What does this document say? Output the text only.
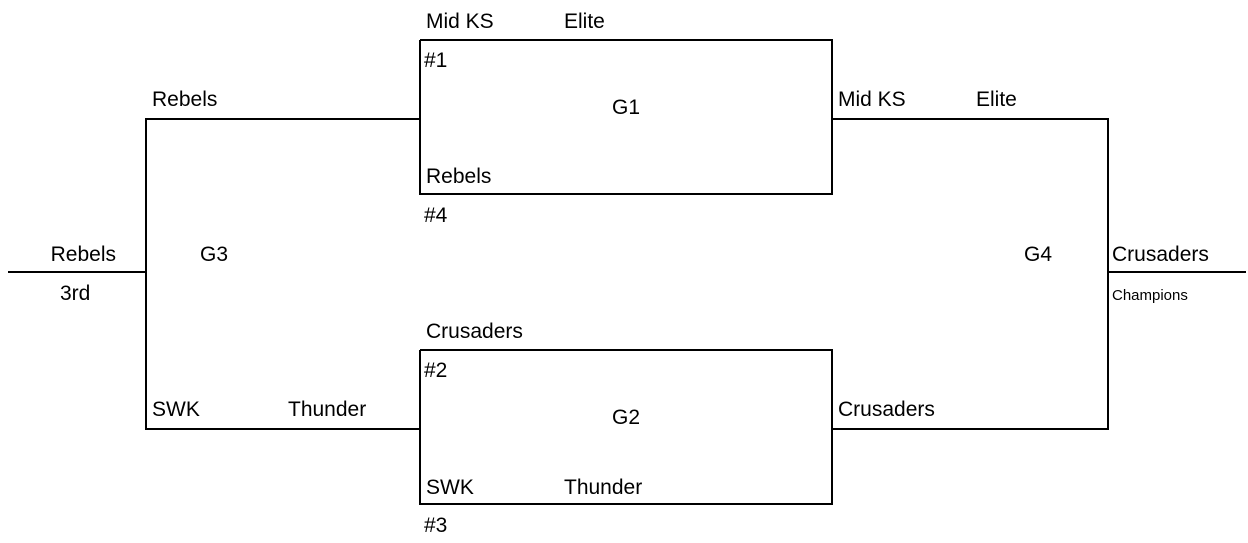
Mid KS	Elite
#1
G1
Rebels
#4
Mid KS	Elite
Crusaders
#2
G2
SWK	Thunder
#3
Crusaders
Rebels
G3
SWK	Thunder
Rebels
3rd
G4	Crusaders
Champions
